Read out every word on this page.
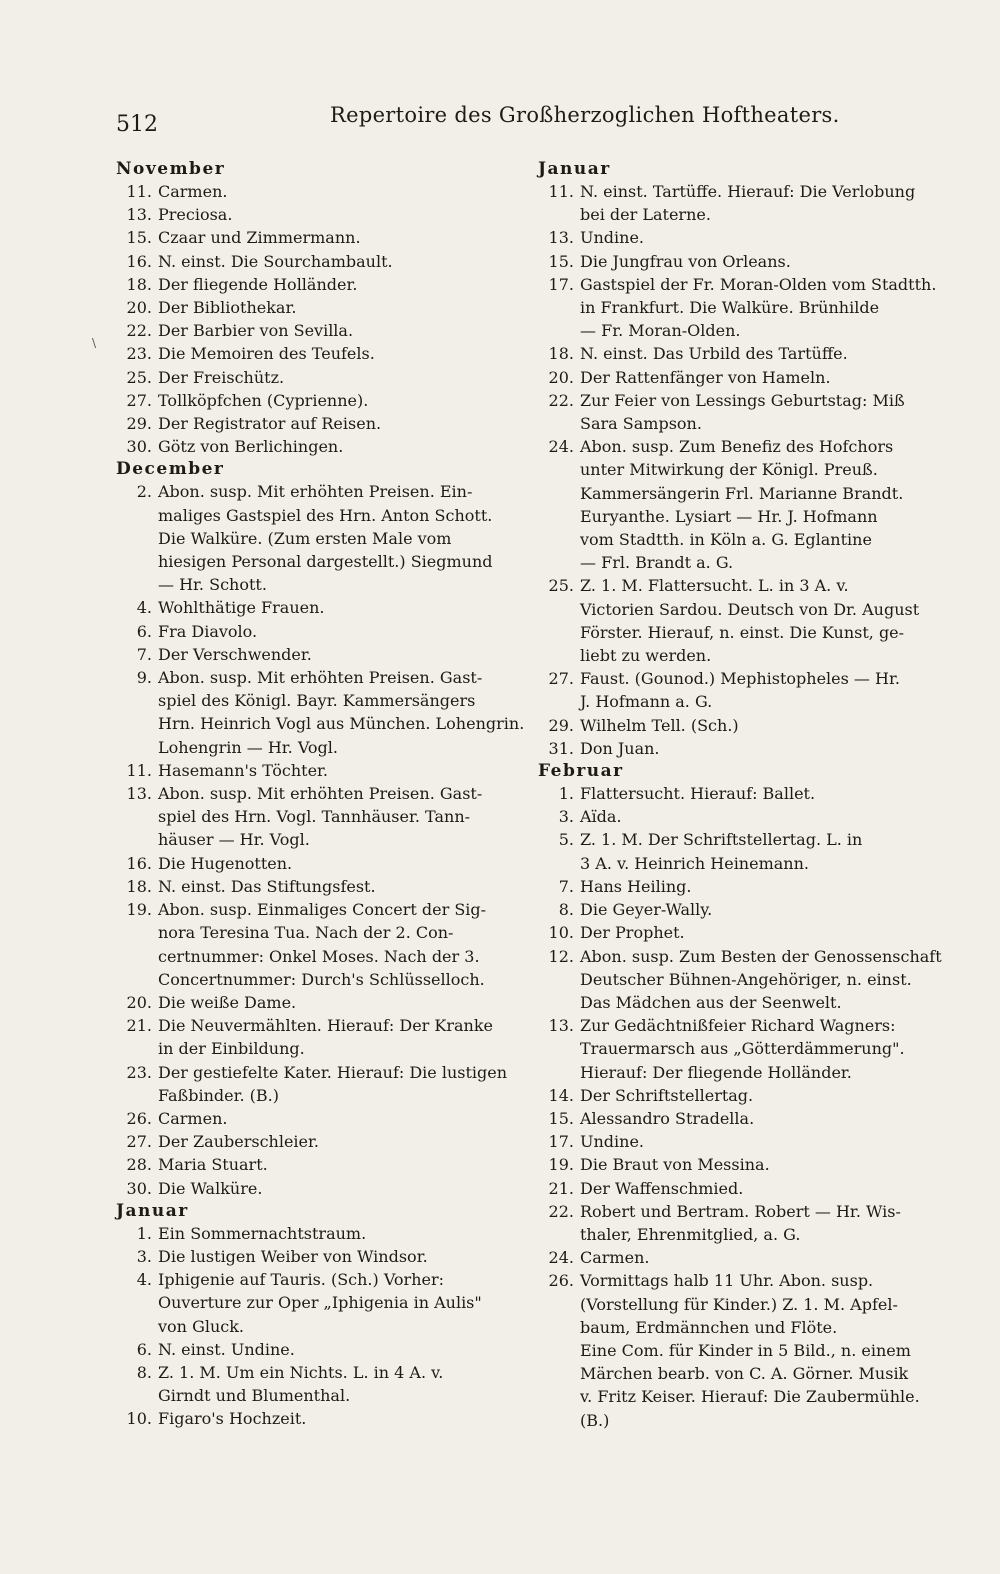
512	Repertoire des Großherzoglichen Hoftheaters.
\
November
11. Carmen.
13. Preciosa.
15. Czaar und Zimmermann.
16. N. einst. Die Sourchambault.
18. Der fliegende Holländer.
20. Der Bibliothekar.
22. Der Barbier von Sevilla.
23. Die Memoiren des Teufels.
25. Der Freischütz.
27. Tollköpfchen (Cyprienne).
29. Der Registrator auf Reisen.
30. Götz von Berlichingen.
December
2. Abon. susp. Mit erhöhten Preisen. Ein-
maliges Gastspiel des Hrn. Anton Schott.
Die Walküre. (Zum ersten Male vom
hiesigen Personal dargestellt.) Siegmund
— Hr. Schott.
4. Wohlthätige Frauen.
6. Fra Diavolo.
7. Der Verschwender.
9. Abon. susp. Mit erhöhten Preisen. Gast-
spiel des Königl. Bayr. Kammersängers
Hrn. Heinrich Vogl aus München. Lohengrin.
Lohengrin — Hr. Vogl.
11. Hasemann's Töchter.
13. Abon. susp. Mit erhöhten Preisen. Gast-
spiel des Hrn. Vogl. Tannhäuser. Tann-
häuser — Hr. Vogl.
16. Die Hugenotten.
18. N. einst. Das Stiftungsfest.
19. Abon. susp. Einmaliges Concert der Sig-
nora Teresina Tua. Nach der 2. Con-
certnummer: Onkel Moses. Nach der 3.
Concertnummer: Durch's Schlüsselloch.
20. Die weiße Dame.
21. Die Neuvermählten. Hierauf: Der Kranke
in der Einbildung.
23. Der gestiefelte Kater. Hierauf: Die lustigen
Faßbinder. (B.)
26. Carmen.
27. Der Zauberschleier.
28. Maria Stuart.
30. Die Walküre.
Januar
1. Ein Sommernachtstraum.
3. Die lustigen Weiber von Windsor.
4. Iphigenie auf Tauris. (Sch.) Vorher:
Ouverture zur Oper „Iphigenia in Aulis"
von Gluck.
6. N. einst. Undine.
8. Z. 1. M. Um ein Nichts. L. in 4 A. v.
Girndt und Blumenthal.
10. Figaro's Hochzeit.
Januar
11. N. einst. Tartüffe. Hierauf: Die Verlobung
bei der Laterne.
13. Undine.
15. Die Jungfrau von Orleans.
17. Gastspiel der Fr. Moran-Olden vom Stadtth.
in Frankfurt. Die Walküre. Brünhilde
— Fr. Moran-Olden.
18. N. einst. Das Urbild des Tartüffe.
20. Der Rattenfänger von Hameln.
22. Zur Feier von Lessings Geburtstag: Miß
Sara Sampson.
24. Abon. susp. Zum Benefiz des Hofchors
unter Mitwirkung der Königl. Preuß.
Kammersängerin Frl. Marianne Brandt.
Euryanthe. Lysiart — Hr. J. Hofmann
vom Stadtth. in Köln a. G. Eglantine
— Frl. Brandt a. G.
25. Z. 1. M. Flattersucht. L. in 3 A. v.
Victorien Sardou. Deutsch von Dr. August
Förster. Hierauf, n. einst. Die Kunst, ge-
liebt zu werden.
27. Faust. (Gounod.) Mephistopheles — Hr.
J. Hofmann a. G.
29. Wilhelm Tell. (Sch.)
31. Don Juan.
Februar
1. Flattersucht. Hierauf: Ballet.
3. Aïda.
5. Z. 1. M. Der Schriftstellertag. L. in
3 A. v. Heinrich Heinemann.
7. Hans Heiling.
8. Die Geyer-Wally.
10. Der Prophet.
12. Abon. susp. Zum Besten der Genossenschaft
Deutscher Bühnen-Angehöriger, n. einst.
Das Mädchen aus der Seenwelt.
13. Zur Gedächtnißfeier Richard Wagners:
Trauermarsch aus „Götterdämmerung".
Hierauf: Der fliegende Holländer.
14. Der Schriftstellertag.
15. Alessandro Stradella.
17. Undine.
19. Die Braut von Messina.
21. Der Waffenschmied.
22. Robert und Bertram. Robert — Hr. Wis-
thaler, Ehrenmitglied, a. G.
24. Carmen.
26. Vormittags halb 11 Uhr. Abon. susp.
(Vorstellung für Kinder.) Z. 1. M. Apfel-
baum, Erdmännchen und Flöte.
Eine Com. für Kinder in 5 Bild., n. einem
Märchen bearb. von C. A. Görner. Musik
v. Fritz Keiser. Hierauf: Die Zaubermühle.
(B.)
